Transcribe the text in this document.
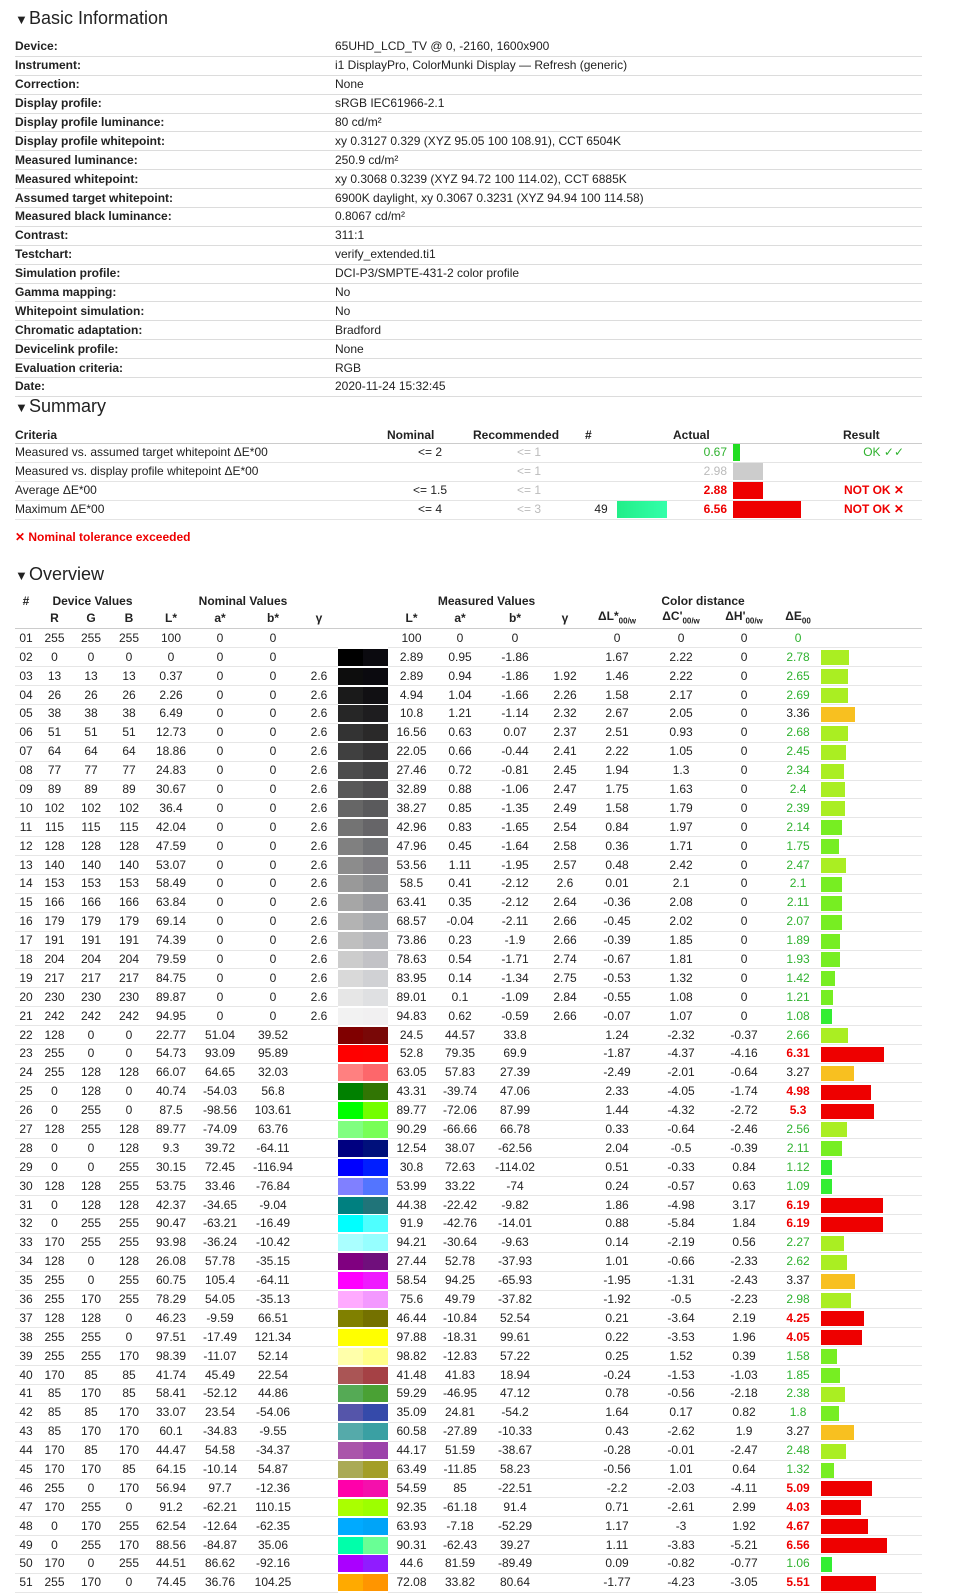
▼Basic Information
Device:	65UHD_LCD_TV @ 0, -2160, 1600x900
Instrument:	i1 DisplayPro, ColorMunki Display — Refresh (generic)
Correction:	None
Display profile:	sRGB IEC61966-2.1
Display profile luminance:	80 cd/m²
Display profile whitepoint:	xy 0.3127 0.329 (XYZ 95.05 100 108.91), CCT 6504K
Measured luminance:	250.9 cd/m²
Measured whitepoint:	xy 0.3068 0.3239 (XYZ 94.72 100 114.02), CCT 6885K
Assumed target whitepoint:	6900K daylight, xy 0.3067 0.3231 (XYZ 94.94 100 114.58)
Measured black luminance:	0.8067 cd/m²
Contrast:	311:1
Testchart:	verify_extended.ti1
Simulation profile:	DCI-P3/SMPTE-431-2 color profile
Gamma mapping:	No
Whitepoint simulation:	No
Chromatic adaptation:	Bradford
Devicelink profile:	None
Evaluation criteria:	RGB
Date:	2020-11-24 15:32:45
▼Summary
Criteria	Nominal	Recommended	#		Actual		Result
Measured vs. assumed target whitepoint ΔE*00	<= 2	<= 1			0.67		OK ✓✓
Measured vs. display profile whitepoint ΔE*00		<= 1			2.98	

Average ΔE*00	<= 1.5	<= 1			2.88		NOT OK ✕
Maximum ΔE*00	<= 4	<= 3	49		6.56		NOT OK ✕
✕ Nominal tolerance exceeded
▼Overview
#	Device Values			Nominal Values					Measured Values				Color distance				
	R	G	B	L*	a*	b*	γ		L*	a*	b*	γ	$\Delta L*_{00/w}$	$\Delta C'_{00/w}$	$\Delta H'_{00/w}$	$\Delta E_{00}$	
01	255	255	255	100	0	0			100	0	0		0	0	0	0	
02	0	0	0	0	0	0			2.89	0.95	-1.86		1.67	2.22	0	2.78	

03	13	13	13	0.37	0	0	2.6		2.89	0.94	-1.86	1.92	1.46	2.22	0	2.65	

04	26	26	26	2.26	0	0	2.6		4.94	1.04	-1.66	2.26	1.58	2.17	0	2.69	

05	38	38	38	6.49	0	0	2.6		10.8	1.21	-1.14	2.32	2.67	2.05	0	3.36	

06	51	51	51	12.73	0	0	2.6		16.56	0.63	0.07	2.37	2.51	0.93	0	2.68	

07	64	64	64	18.86	0	0	2.6		22.05	0.66	-0.44	2.41	2.22	1.05	0	2.45	

08	77	77	77	24.83	0	0	2.6		27.46	0.72	-0.81	2.45	1.94	1.3	0	2.34	

09	89	89	89	30.67	0	0	2.6		32.89	0.88	-1.06	2.47	1.75	1.63	0	2.4	

10	102	102	102	36.4	0	0	2.6		38.27	0.85	-1.35	2.49	1.58	1.79	0	2.39	

11	115	115	115	42.04	0	0	2.6		42.96	0.83	-1.65	2.54	0.84	1.97	0	2.14	

12	128	128	128	47.59	0	0	2.6		47.96	0.45	-1.64	2.58	0.36	1.71	0	1.75	

13	140	140	140	53.07	0	0	2.6		53.56	1.11	-1.95	2.57	0.48	2.42	0	2.47	

14	153	153	153	58.49	0	0	2.6		58.5	0.41	-2.12	2.6	0.01	2.1	0	2.1	

15	166	166	166	63.84	0	0	2.6		63.41	0.35	-2.12	2.64	-0.36	2.08	0	2.11	

16	179	179	179	69.14	0	0	2.6		68.57	-0.04	-2.11	2.66	-0.45	2.02	0	2.07	

17	191	191	191	74.39	0	0	2.6		73.86	0.23	-1.9	2.66	-0.39	1.85	0	1.89	

18	204	204	204	79.59	0	0	2.6		78.63	0.54	-1.71	2.74	-0.67	1.81	0	1.93	

19	217	217	217	84.75	0	0	2.6		83.95	0.14	-1.34	2.75	-0.53	1.32	0	1.42	

20	230	230	230	89.87	0	0	2.6		89.01	0.1	-1.09	2.84	-0.55	1.08	0	1.21	

21	242	242	242	94.95	0	0	2.6		94.83	0.62	-0.59	2.66	-0.07	1.07	0	1.08	

22	128	0	0	22.77	51.04	39.52			24.5	44.57	33.8		1.24	-2.32	-0.37	2.66	

23	255	0	0	54.73	93.09	95.89			52.8	79.35	69.9		-1.87	-4.37	-4.16	6.31	

24	255	128	128	66.07	64.65	32.03			63.05	57.83	27.39		-2.49	-2.01	-0.64	3.27	

25	0	128	0	40.74	-54.03	56.8			43.31	-39.74	47.06		2.33	-4.05	-1.74	4.98	

26	0	255	0	87.5	-98.56	103.61			89.77	-72.06	87.99		1.44	-4.32	-2.72	5.3	

27	128	255	128	89.77	-74.09	63.76			90.29	-66.66	66.78		0.33	-0.64	-2.46	2.56	

28	0	0	128	9.3	39.72	-64.11			12.54	38.07	-62.56		2.04	-0.5	-0.39	2.11	

29	0	0	255	30.15	72.45	-116.94			30.8	72.63	-114.02		0.51	-0.33	0.84	1.12	

30	128	128	255	53.75	33.46	-76.84			53.99	33.22	-74		0.24	-0.57	0.63	1.09	

31	0	128	128	42.37	-34.65	-9.04			44.38	-22.42	-9.82		1.86	-4.98	3.17	6.19	

32	0	255	255	90.47	-63.21	-16.49			91.9	-42.76	-14.01		0.88	-5.84	1.84	6.19	

33	170	255	255	93.98	-36.24	-10.42			94.21	-30.64	-9.63		0.14	-2.19	0.56	2.27	

34	128	0	128	26.08	57.78	-35.15			27.44	52.78	-37.93		1.01	-0.66	-2.33	2.62	

35	255	0	255	60.75	105.4	-64.11			58.54	94.25	-65.93		-1.95	-1.31	-2.43	3.37	

36	255	170	255	78.29	54.05	-35.13			75.6	49.79	-37.82		-1.92	-0.5	-2.23	2.98	

37	128	128	0	46.23	-9.59	66.51			46.44	-10.84	52.54		0.21	-3.64	2.19	4.25	

38	255	255	0	97.51	-17.49	121.34			97.88	-18.31	99.61		0.22	-3.53	1.96	4.05	

39	255	255	170	98.39	-11.07	52.14			98.82	-12.83	57.22		0.25	1.52	0.39	1.58	

40	170	85	85	41.74	45.49	22.54			41.48	41.83	18.94		-0.24	-1.53	-1.03	1.85	

41	85	170	85	58.41	-52.12	44.86			59.29	-46.95	47.12		0.78	-0.56	-2.18	2.38	

42	85	85	170	33.07	23.54	-54.06			35.09	24.81	-54.2		1.64	0.17	0.82	1.8	

43	85	170	170	60.1	-34.83	-9.55			60.58	-27.89	-10.33		0.43	-2.62	1.9	3.27	

44	170	85	170	44.47	54.58	-34.37			44.17	51.59	-38.67		-0.28	-0.01	-2.47	2.48	

45	170	170	85	64.15	-10.14	54.87			63.49	-11.85	58.23		-0.56	1.01	0.64	1.32	

46	255	0	170	56.94	97.7	-12.36			54.59	85	-22.51		-2.2	-2.03	-4.11	5.09	

47	170	255	0	91.2	-62.21	110.15			92.35	-61.18	91.4		0.71	-2.61	2.99	4.03	

48	0	170	255	62.54	-12.64	-62.35			63.93	-7.18	-52.29		1.17	-3	1.92	4.67	

49	0	255	170	88.56	-84.87	35.06			90.31	-62.43	39.27		1.11	-3.83	-5.21	6.56	

50	170	0	255	44.51	86.62	-92.16			44.6	81.59	-89.49		0.09	-0.82	-0.77	1.06	

51	255	170	0	74.45	36.76	104.25			72.08	33.82	80.64		-1.77	-4.23	-3.05	5.51	
